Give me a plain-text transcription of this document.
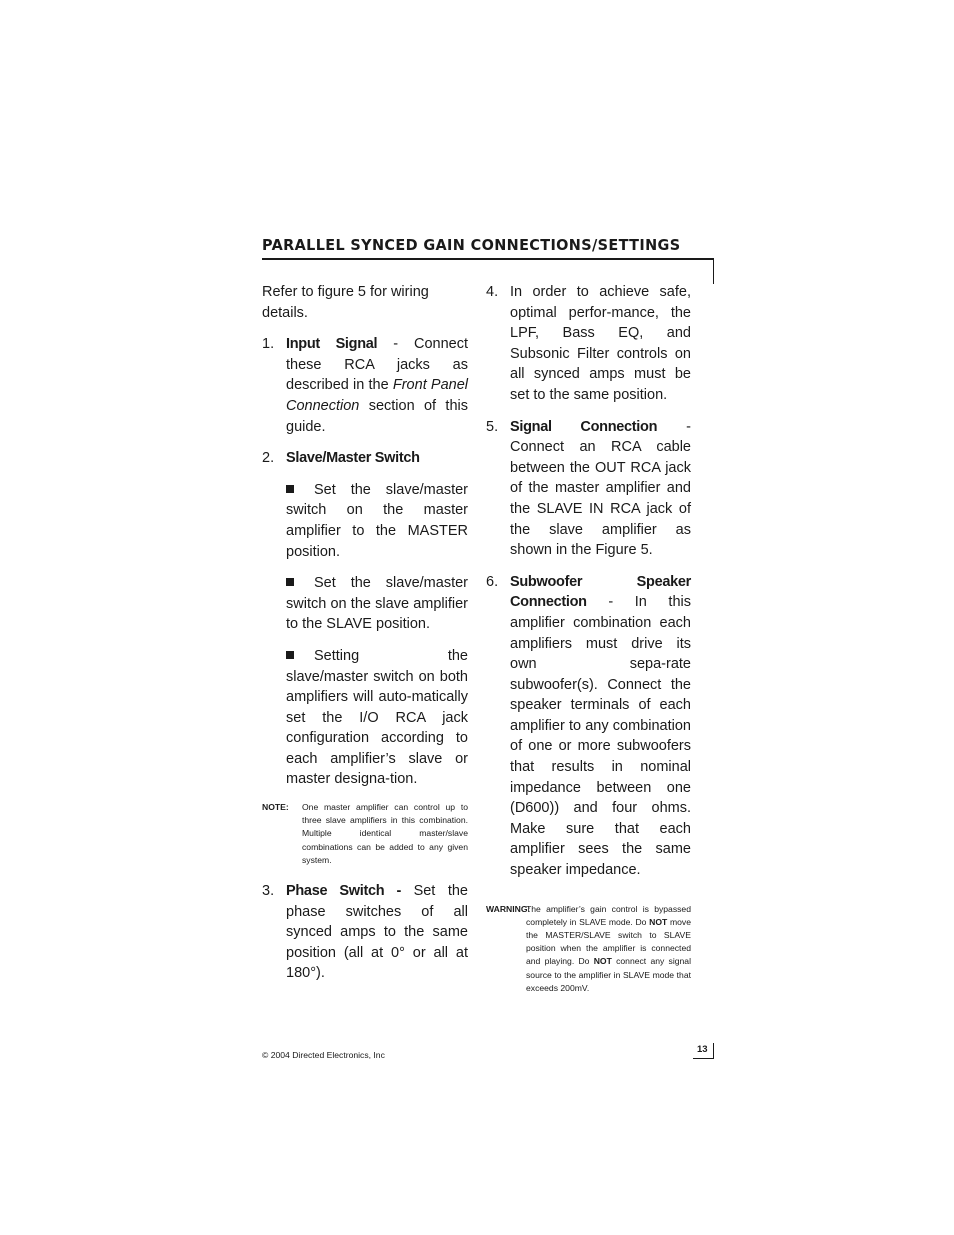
PARALLEL SYNCED GAIN CONNECTIONS/SETTINGS

Refer to figure 5 for wiring details.

1. Input Signal - Connect these RCA jacks as described in the Front Panel Connection section of this guide.
2. Slave/Master Switch
Set the slave/master switch on the master amplifier to the MASTER position.
Set the slave/master switch on the slave amplifier to the SLAVE position.
Setting the slave/master switch on both amplifiers will auto-matically set the I/O RCA jack configuration according to each amplifier’s slave or master designa-tion.
NOTE:	One master amplifier can control up to three slave amplifiers in this combination. Multiple identical master/slave combinations can be added to any given system.
3. Phase Switch - Set the phase switches of all synced amps to the same position (all at 0° or all at 180°).
4. In order to achieve safe, optimal perfor-mance, the LPF, Bass EQ, and Subsonic Filter controls on all synced amps must be set to the same position.
5. Signal Connection - Connect an RCA cable between the OUT RCA jack of the master amplifier and the SLAVE IN RCA jack of the slave amplifier as shown in the Figure 5.
6. Subwoofer Speaker Connection - In this amplifier combination each amplifiers must drive its own sepa-rate subwoofer(s). Connect the speaker terminals of each amplifier to any combination of one or more subwoofers that results in nominal impedance between one (D600)) and four ohms. Make sure that each amplifier sees the same speaker impedance.
WARNING:
The amplifier’s gain control is bypassed completely in SLAVE mode. Do NOT move the MASTER/SLAVE switch to SLAVE position when the amplifier is connected and playing. Do NOT connect any signal source to the amplifier in SLAVE mode that exceeds 200mV.
© 2004 Directed Electronics, Inc	13
